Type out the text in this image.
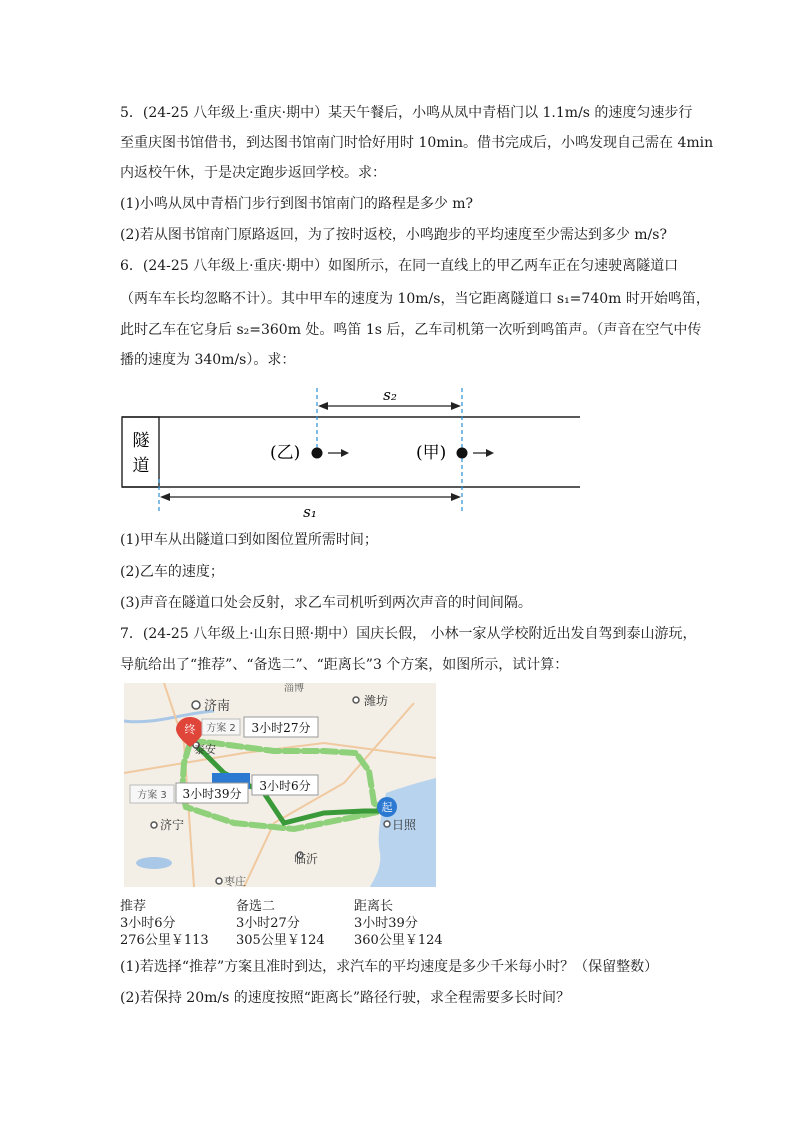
5．(24-25 八年级上·重庆·期中）某天午餐后，小鸣从凤中青梧门以 1.1m/s 的速度匀速步行
至重庆图书馆借书，到达图书馆南门时恰好用时 10min。借书完成后，小鸣发现自己需在 4min
内返校午休，于是决定跑步返回学校。求：
(1)小鸣从凤中青梧门步行到图书馆南门的路程是多少 m?
(2)若从图书馆南门原路返回，为了按时返校，小鸣跑步的平均速度至少需达到多少 m/s?
6．(24-25 八年级上·重庆·期中）如图所示，在同一直线上的甲乙两车正在匀速驶离隧道口
（两车车长均忽略不计）。其中甲车的速度为 10m/s，当它距离隧道口 s₁=740m 时开始鸣笛，
此时乙车在它身后 s₂=360m 处。鸣笛 1s 后，乙车司机第一次听到鸣笛声。（声音在空气中传
播的速度为 340m/s）。求：
隧
道
s₂
s₁
(乙)	(甲)
(1)甲车从出隧道口到如图位置所需时间；
(2)乙车的速度；
(3)声音在隧道口处会反射，求乙车司机听到两次声音的时间间隔。
7．(24-25 八年级上·山东日照·期中）国庆长假， 小林一家从学校附近出发自驾到泰山游玩，
导航给出了“推荐”、“备选二”、“距离长”3 个方案，如图所示，试计算：
济南
淄博
潍坊
泰安
济宁
临沂
日照
枣庄
终
起
方案 2 3小时27分
3小时6分
方案 3 3小时39分
推荐
3小时6分
276公里￥113
备选二
3小时27分
305公里￥124
距离长
3小时39分
360公里￥124
(1)若选择“推荐”方案且准时到达，求汽车的平均速度是多少千米每小时？（保留整数）
(2)若保持 20m/s 的速度按照“距离长”路径行驶，求全程需要多长时间？
